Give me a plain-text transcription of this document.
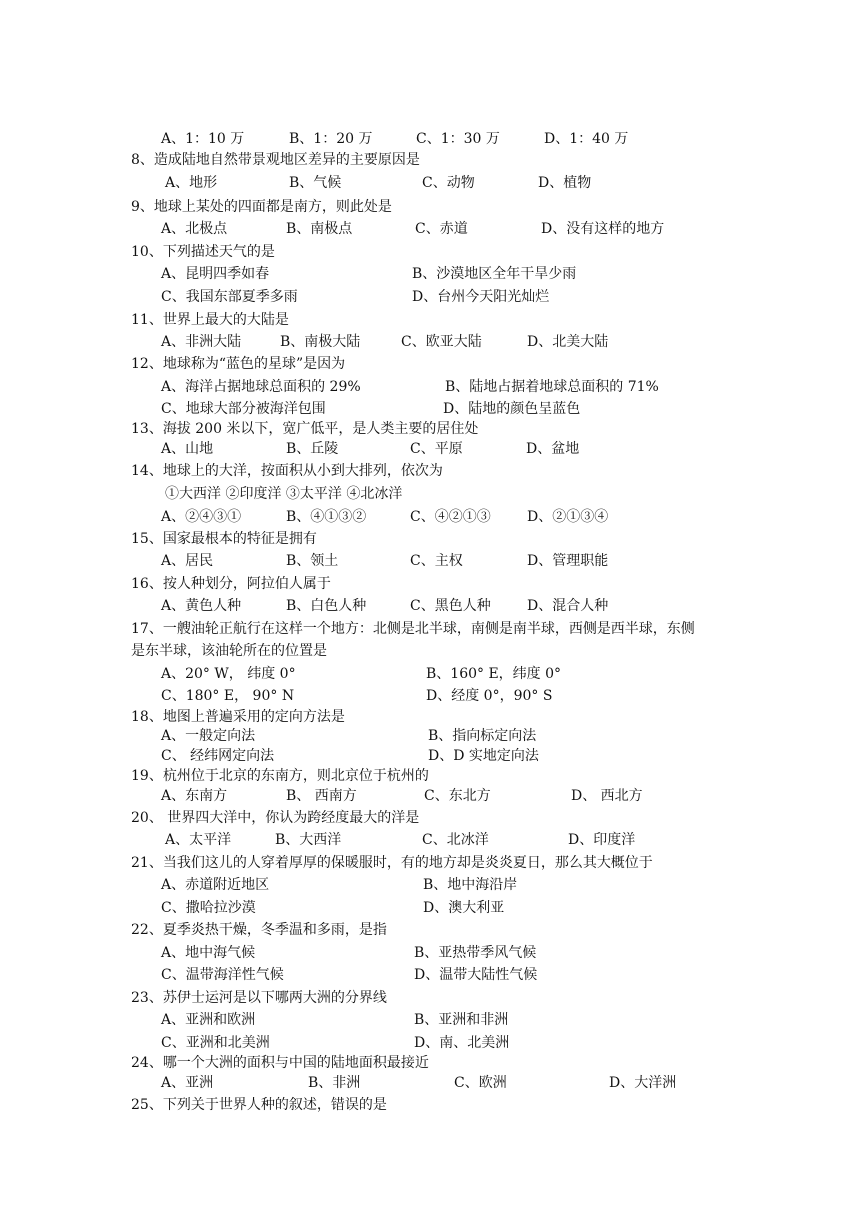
A、1：10 万	B、1：20 万	C、1：30 万	D、1：40 万
8、造成陆地自然带景观地区差异的主要原因是
A、地形	B、气候	C、动物	D、植物
9、地球上某处的四面都是南方，则此处是
A、北极点	B、南极点	C、赤道	D、没有这样的地方
10、下列描述天气的是
A、昆明四季如春	B、沙漠地区全年干旱少雨
C、我国东部夏季多雨	D、台州今天阳光灿烂
11、世界上最大的大陆是
A、非洲大陆	B、南极大陆	C、欧亚大陆	D、北美大陆
12、地球称为“蓝色的星球”是因为
A、海洋占据地球总面积的 29%	B、陆地占据着地球总面积的 71%
C、地球大部分被海洋包围	D、陆地的颜色呈蓝色
13、海拔 200 米以下，宽广低平，是人类主要的居住处
A、山地	B、丘陵	C、平原	D、盆地
14、地球上的大洋，按面积从小到大排列，依次为
①大西洋 ②印度洋 ③太平洋 ④北冰洋
A、②④③①	B、④①③②	C、④②①③	D、②①③④
15、国家最根本的特征是拥有
A、居民	B、领土	C、主权	D、管理职能
16、按人种划分，阿拉伯人属于
A、黄色人种	B、白色人种	C、黑色人种	D、混合人种
17、一艘油轮正航行在这样一个地方：北侧是北半球，南侧是南半球，西侧是西半球，东侧
是东半球，该油轮所在的位置是
A、20° W， 纬度 0°	B、160° E，纬度 0°
C、180° E， 90° N	D、经度 0°，90° S
18、地图上普遍采用的定向方法是
A、一般定向法	B、指向标定向法
C、 经纬网定向法	D、D 实地定向法
19、杭州位于北京的东南方，则北京位于杭州的
A、东南方	B、 西南方	C、东北方	D、 西北方
20、 世界四大洋中，你认为跨经度最大的洋是
A、太平洋	B、大西洋	C、北冰洋	D、印度洋
21、当我们这儿的人穿着厚厚的保暖服时，有的地方却是炎炎夏日，那么其大概位于
A、赤道附近地区	B、地中海沿岸
C、撒哈拉沙漠	D、澳大利亚
22、夏季炎热干燥，冬季温和多雨，是指
A、地中海气候	B、亚热带季风气候
C、温带海洋性气候	D、温带大陆性气候
23、苏伊士运河是以下哪两大洲的分界线
A、亚洲和欧洲	B、亚洲和非洲
C、亚洲和北美洲	D、南、北美洲
24、哪一个大洲的面积与中国的陆地面积最接近
A、亚洲	B、非洲	C、欧洲	D、大洋洲
25、下列关于世界人种的叙述，错误的是
